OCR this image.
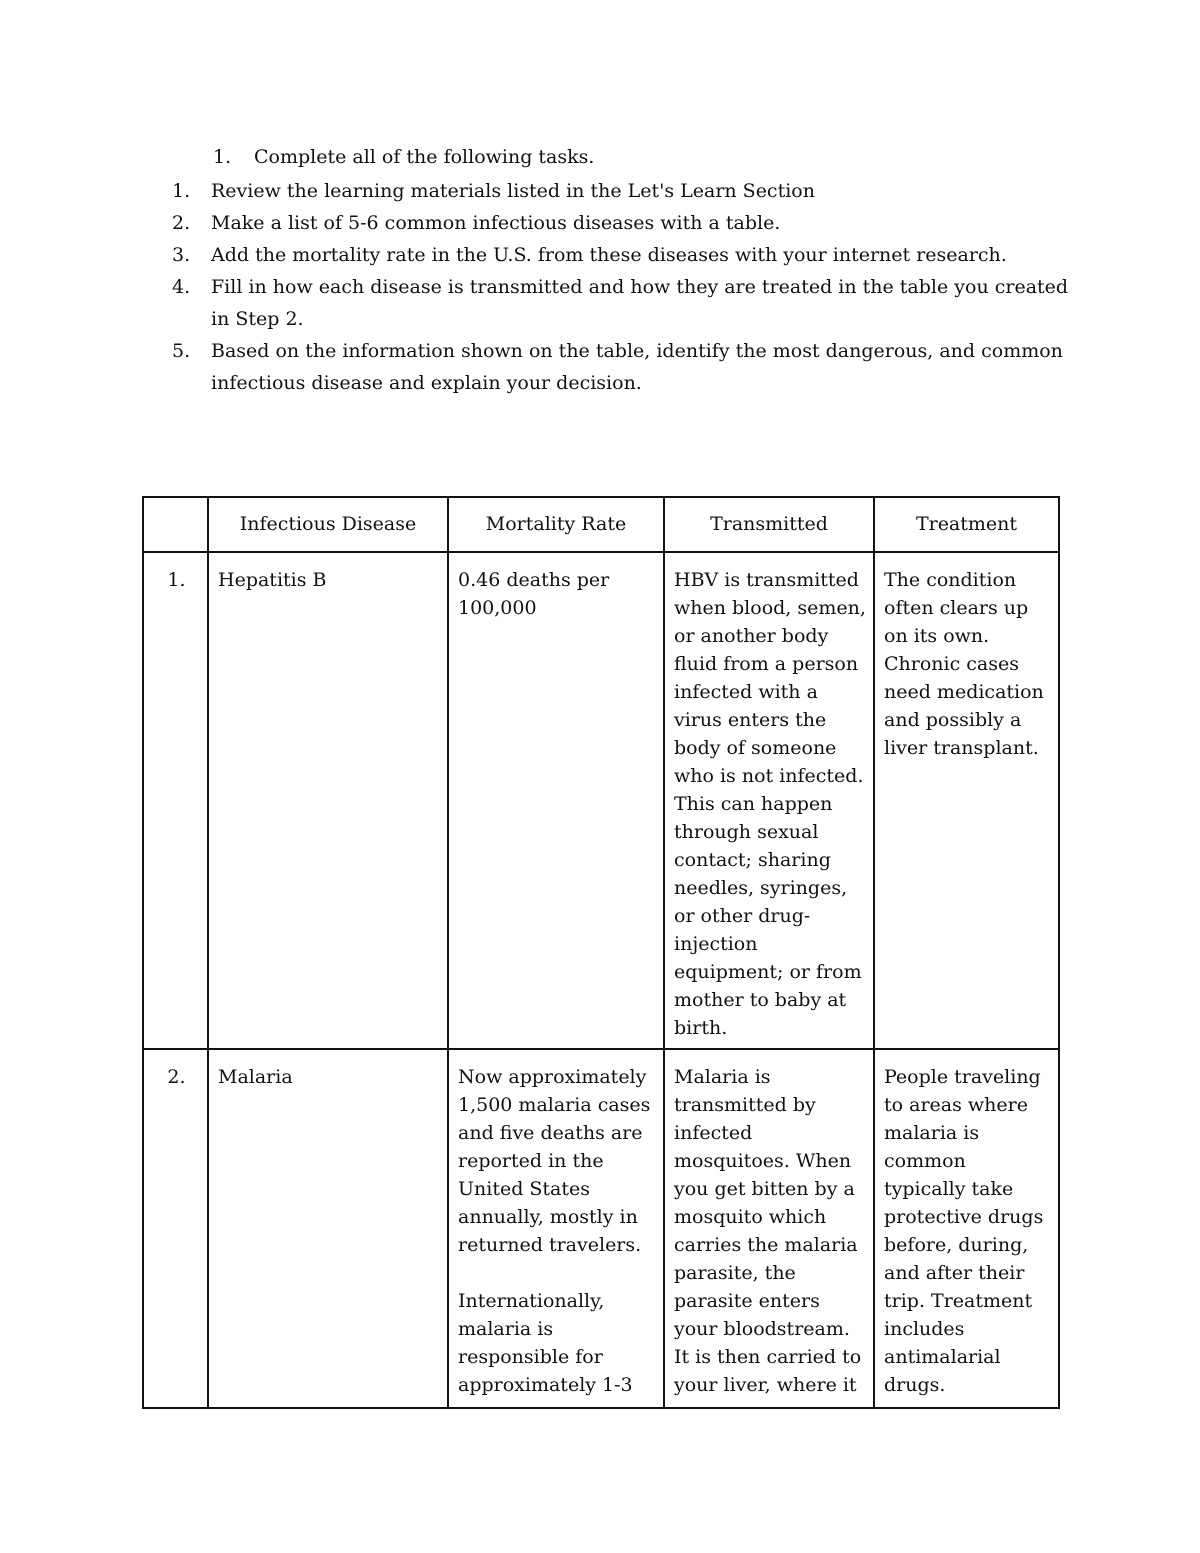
1. Complete all of the following tasks.
1. Review the learning materials listed in the Let's Learn Section
2. Make a list of 5-6 common infectious diseases with a table.
3. Add the mortality rate in the U.S. from these diseases with your internet research.
4. Fill in how each disease is transmitted and how they are treated in the table you created in Step 2.
5. Based on the information shown on the table, identify the most dangerous, and common infectious disease and explain your decision.
	Infectious Disease	Mortality Rate	Transmitted	Treatment
1.	Hepatitis B	0.46 deaths per 100,000	HBV is transmitted when blood, semen, or another body fluid from a person infected with a virus enters the body of someone who is not infected. This can happen through sexual contact; sharing needles, syringes, or other drug-injection equipment; or from mother to baby at birth.	The condition often clears up on its own. Chronic cases need medication and possibly a liver transplant.
2.	Malaria	Now approximately 1,500 malaria cases and five deaths are reported in the United States annually, mostly in returned travelers.
Internationally, malaria is responsible for approximately 1-3	Malaria is transmitted by infected mosquitoes. When you get bitten by a mosquito which carries the malaria parasite, the parasite enters your bloodstream. It is then carried to your liver, where it	People traveling to areas where malaria is common typically take protective drugs before, during, and after their trip. Treatment includes antimalarial drugs.
